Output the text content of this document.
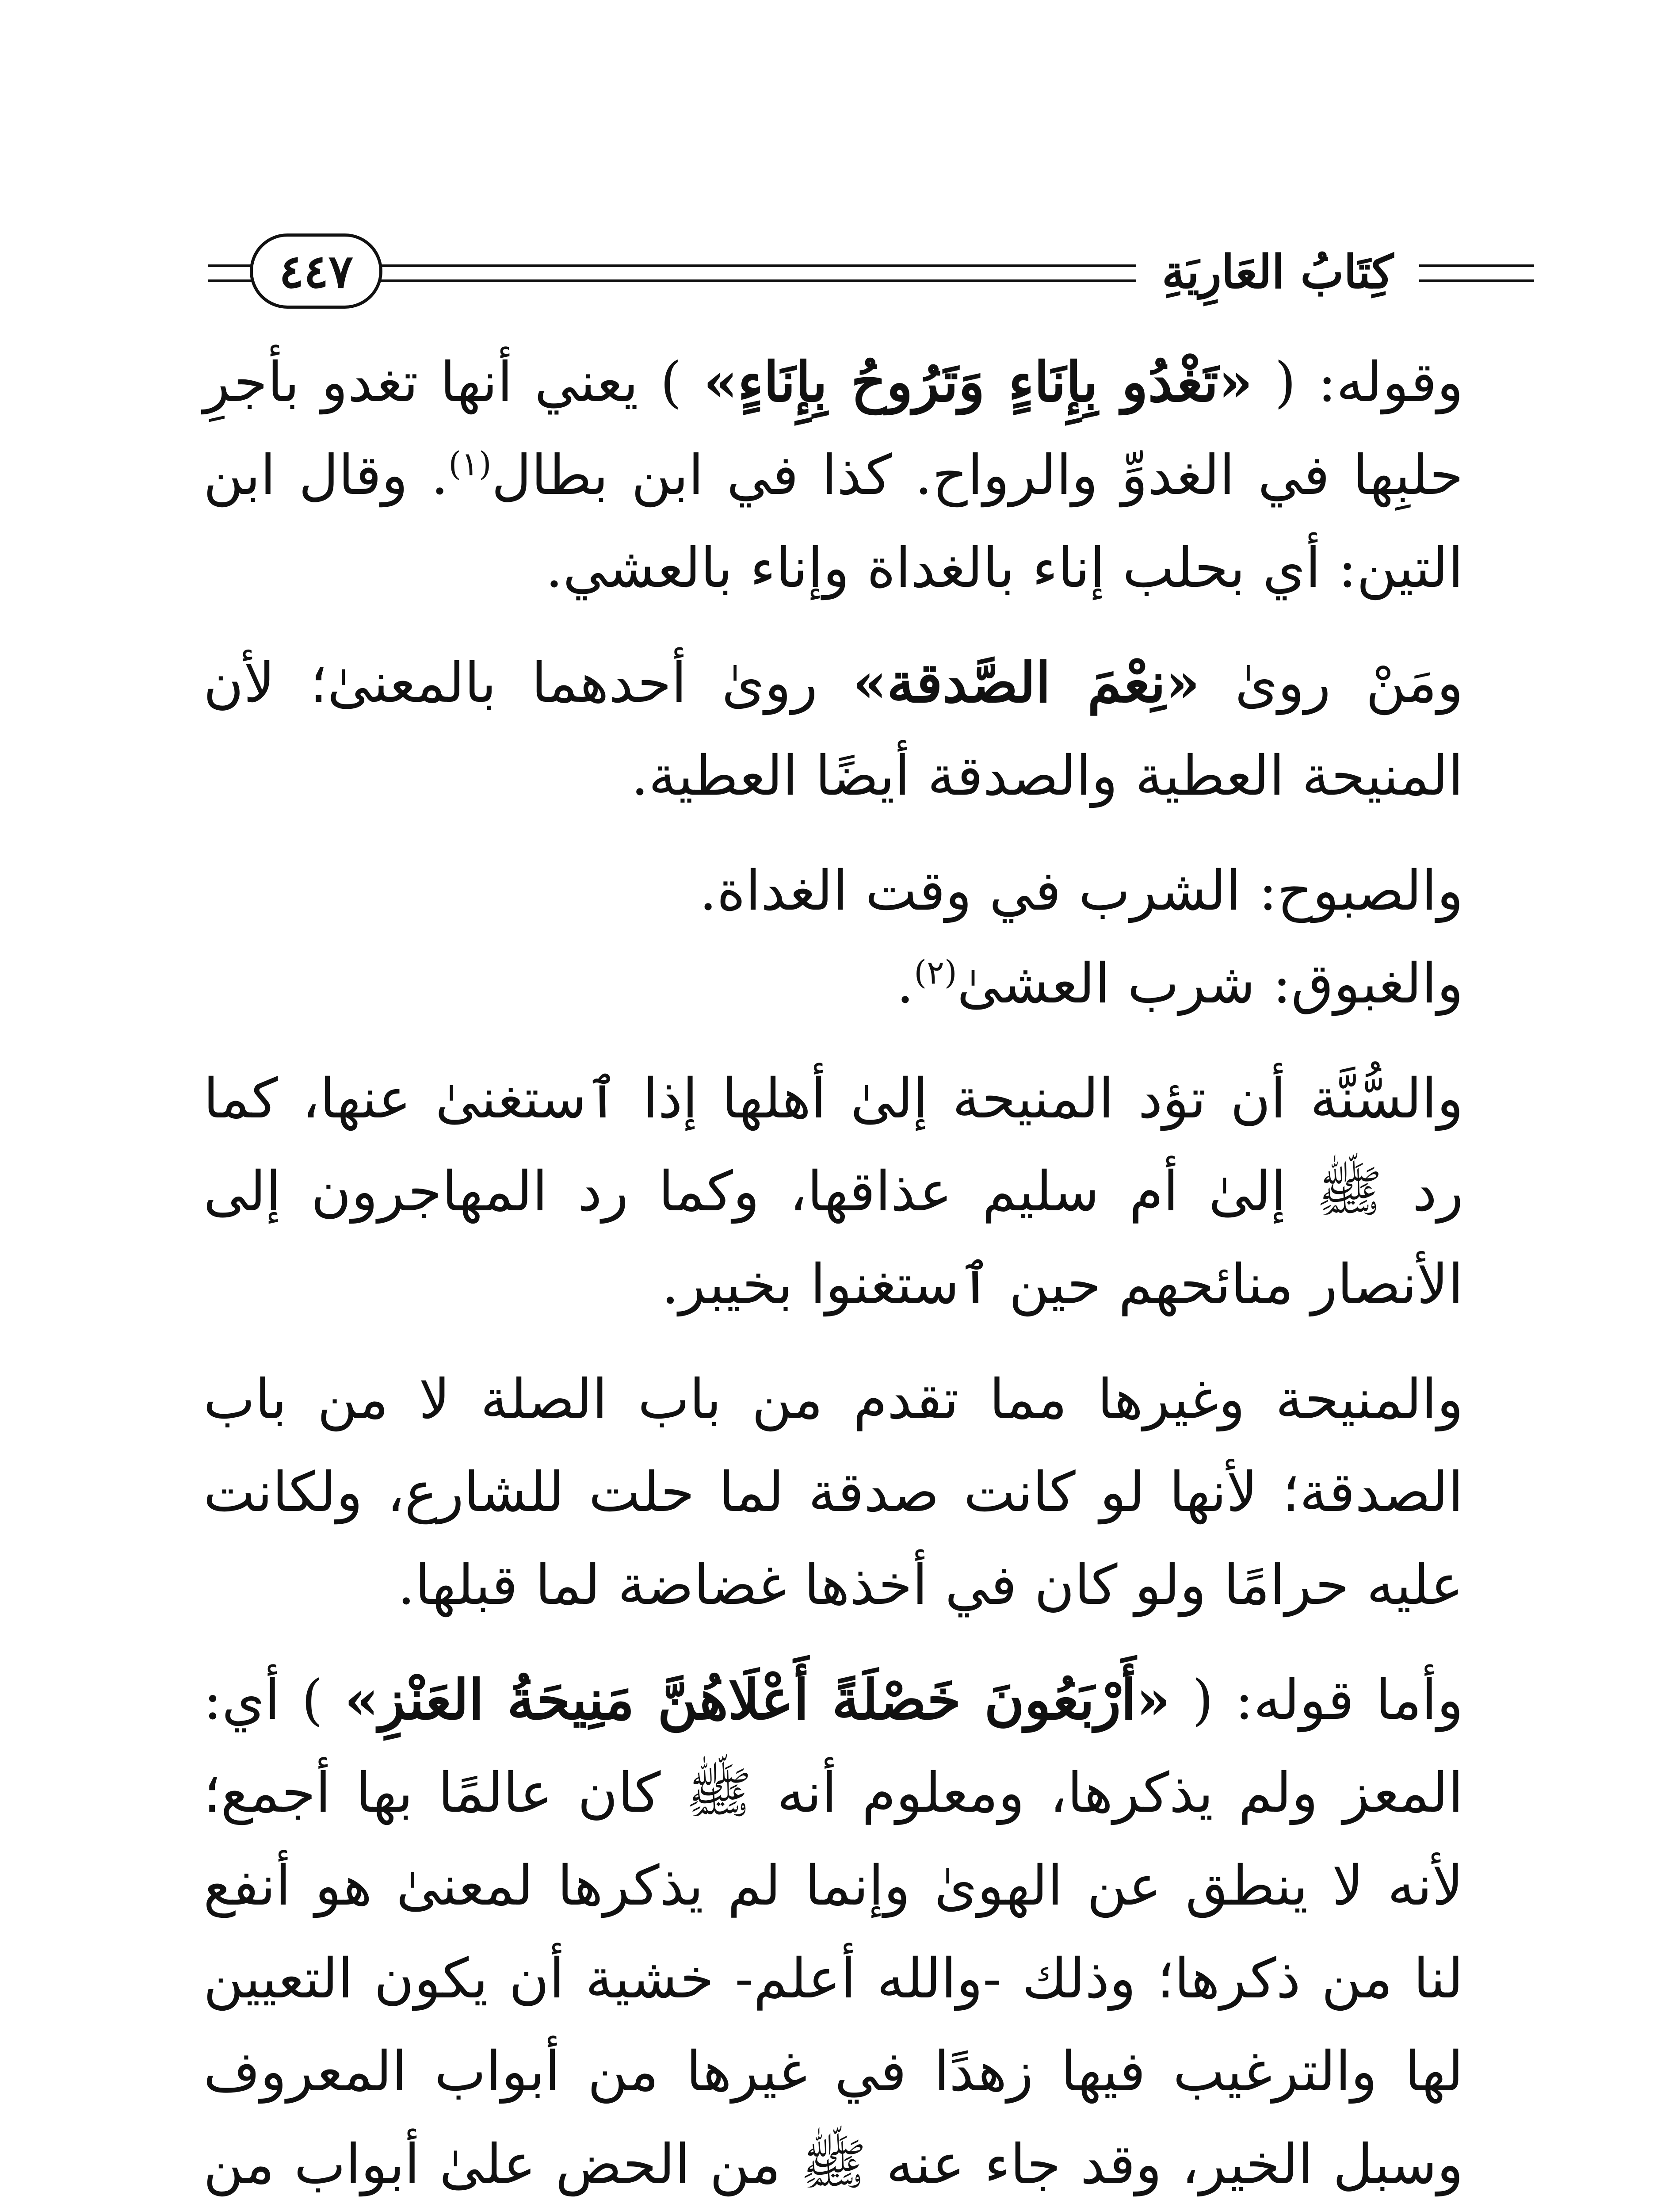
كِتَابُ العَارِيَةِ
٤٤٧

وقوله: ( «تَغْدُو بِإِنَاءٍ وَتَرُوحُ بِإِنَاءٍ» ) يعني أنها تغدو بأجرِ حلبِها في الغدوِّ والرواح. كذا في ابن بطال$^{(١)}$. وقال ابن التين: أي بحلب إناء بالغداة وإناء بالعشي.

ومَنْ روىٰ «نِعْمَ الصَّدقة» روىٰ أحدهما بالمعنىٰ؛ لأن المنيحة العطية والصدقة أيضًا العطية.

والصبوح: الشرب في وقت الغداة.

والغبوق: شرب العشىٰ$^{(٢)}$.

والسُّنَّة أن تؤد المنيحة إلىٰ أهلها إذا ٱستغنىٰ عنها، كما رد ﷺ إلىٰ أم سليم عذاقها، وكما رد المهاجرون إلى الأنصار منائحهم حين ٱستغنوا بخيبر.

والمنيحة وغيرها مما تقدم من باب الصلة لا من باب الصدقة؛ لأنها لو كانت صدقة لما حلت للشارع، ولكانت عليه حرامًا ولو كان في أخذها غضاضة لما قبلها.

وأما قوله: ( «أَرْبَعُونَ خَصْلَةً أَعْلَاهُنَّ مَنِيحَةُ العَنْزِ» ) أي: المعز ولم يذكرها، ومعلوم أنه ﷺ كان عالمًا بها أجمع؛ لأنه لا ينطق عن الهوىٰ وإنما لم يذكرها لمعنىٰ هو أنفع لنا من ذكرها؛ وذلك -والله أعلم- خشية أن يكون التعيين لها والترغيب فيها زهدًا في غيرها من أبواب المعروف وسبل الخير، وقد جاء عنه ﷺ من الحض علىٰ أبواب من
